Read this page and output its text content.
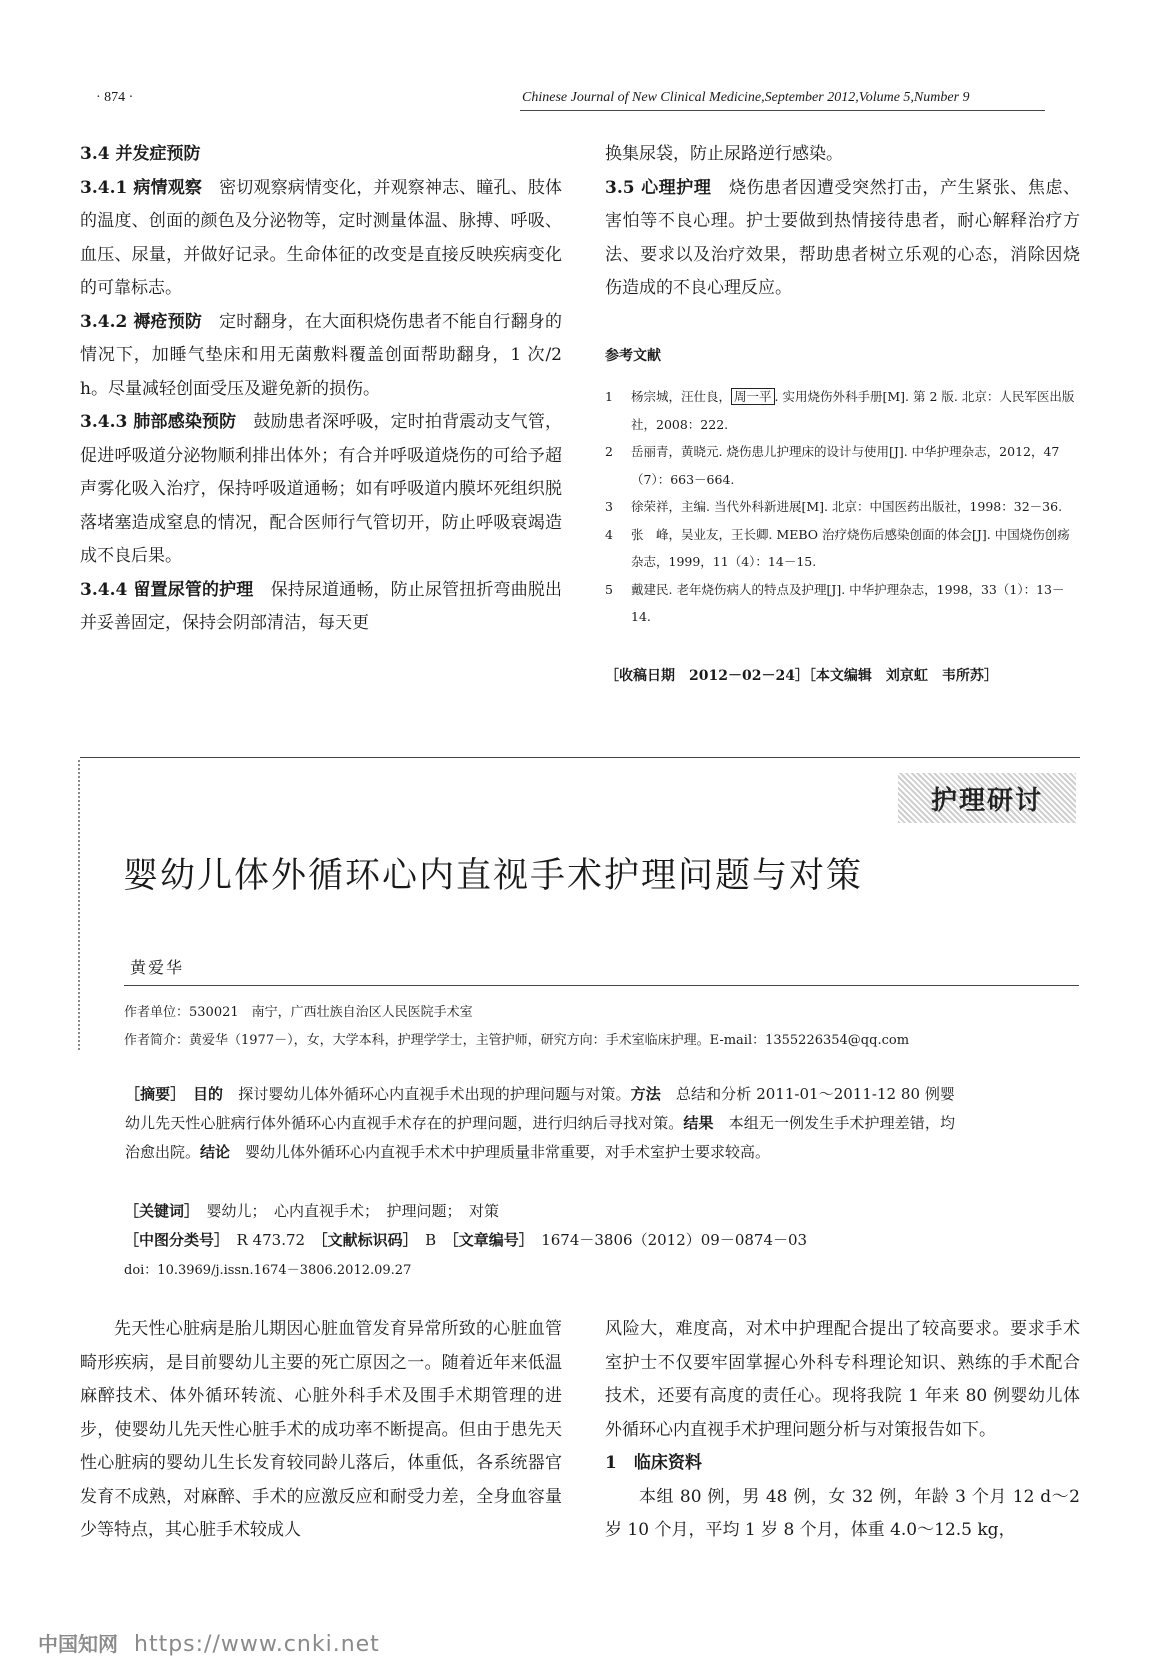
· 874 ·	Chinese Journal of New Clinical Medicine,September 2012,Volume 5,Number 9

3.4 并发症预防

3.4.1 病情观察　 密切观察病情变化，并观察神志、瞳孔、肢体的温度、创面的颜色及分泌物等，定时测量体温、脉搏、呼吸、血压、尿量，并做好记录。生命体征的改变是直接反映疾病变化的可靠标志。

3.4.2 褥疮预防　 定时翻身，在大面积烧伤患者不能自行翻身的情况下，加睡气垫床和用无菌敷料覆盖创面帮助翻身，1 次/2 h。尽量减轻创面受压及避免新的损伤。

3.4.3 肺部感染预防　 鼓励患者深呼吸，定时拍背震动支气管，促进呼吸道分泌物顺利排出体外；有合并呼吸道烧伤的可给予超声雾化吸入治疗，保持呼吸道通畅；如有呼吸道内膜坏死组织脱落堵塞造成窒息的情况，配合医师行气管切开，防止呼吸衰竭造成不良后果。

3.4.4 留置尿管的护理　 保持尿道通畅，防止尿管扭折弯曲脱出并妥善固定，保持会阴部清洁，每天更

换集尿袋，防止尿路逆行感染。

3.5 心理护理　 烧伤患者因遭受突然打击，产生紧张、焦虑、害怕等不良心理。护士要做到热情接待患者，耐心解释治疗方法、要求以及治疗效果，帮助患者树立乐观的心态，消除因烧伤造成的不良心理反应。

参考文献
1	杨宗城，汪仕良， 周一平 . 实用烧伤外科手册[M]. 第 2 版. 北京：人民军医出版社，2008：222.
2	岳丽青，黄晓元. 烧伤患儿护理床的设计与使用[J]. 中华护理杂志，2012，47（7）：663－664.
3	徐荣祥，主编. 当代外科新进展[M]. 北京：中国医药出版社，1998：32－36.
4	张　峰，吴业友，王长卿. MEBO 治疗烧伤后感染创面的体会[J]. 中国烧伤创疡杂志，1999，11（4）：14－15.
5	戴建民. 老年烧伤病人的特点及护理[J]. 中华护理杂志，1998，33（1）：13－14.
［收稿日期　2012－02－24］［本文编辑　刘京虹　韦所苏］
护理研讨
婴幼儿体外循环心内直视手术护理问题与对策
黄爱华
作者单位：530021　南宁，广西壮族自治区人民医院手术室
作者简介：黄爱华（1977－），女，大学本科，护理学学士，主管护师，研究方向：手术室临床护理。E-mail：1355226354@qq.com

［摘要］　 目的　 探讨婴幼儿体外循环心内直视手术出现的护理问题与对策。方法　 总结和分析 2011-01～2011-12 80 例婴幼儿先天性心脏病行体外循环心内直视手术存在的护理问题，进行归纳后寻找对策。结果　 本组无一例发生手术护理差错，均治愈出院。结论　 婴幼儿体外循环心内直视手术术中护理质量非常重要，对手术室护士要求较高。

［关键词］　 婴幼儿；　心内直视手术；　护理问题；　对策
［中图分类号］　 R 473.72　 ［文献标识码］　 B　 ［文章编号］　 1674－3806（2012）09－0874－03
doi：10.3969/j.issn.1674－3806.2012.09.27

先天性心脏病是胎儿期因心脏血管发育异常所致的心脏血管畸形疾病，是目前婴幼儿主要的死亡原因之一。随着近年来低温麻醉技术、体外循环转流、心脏外科手术及围手术期管理的进步，使婴幼儿先天性心脏手术的成功率不断提高。但由于患先天性心脏病的婴幼儿生长发育较同龄儿落后，体重低，各系统器官发育不成熟，对麻醉、手术的应激反应和耐受力差，全身血容量少等特点，其心脏手术较成人

风险大，难度高，对术中护理配合提出了较高要求。要求手术室护士不仅要牢固掌握心外科专科理论知识、熟练的手术配合技术，还要有高度的责任心。现将我院 1 年来 80 例婴幼儿体外循环心内直视手术护理问题分析与对策报告如下。

1　临床资料

本组 80 例，男 48 例，女 32 例，年龄 3 个月 12 d～2 岁 10 个月，平均 1 岁 8 个月，体重 4.0～12.5 kg，

中国知网 https://www.cnki.net
